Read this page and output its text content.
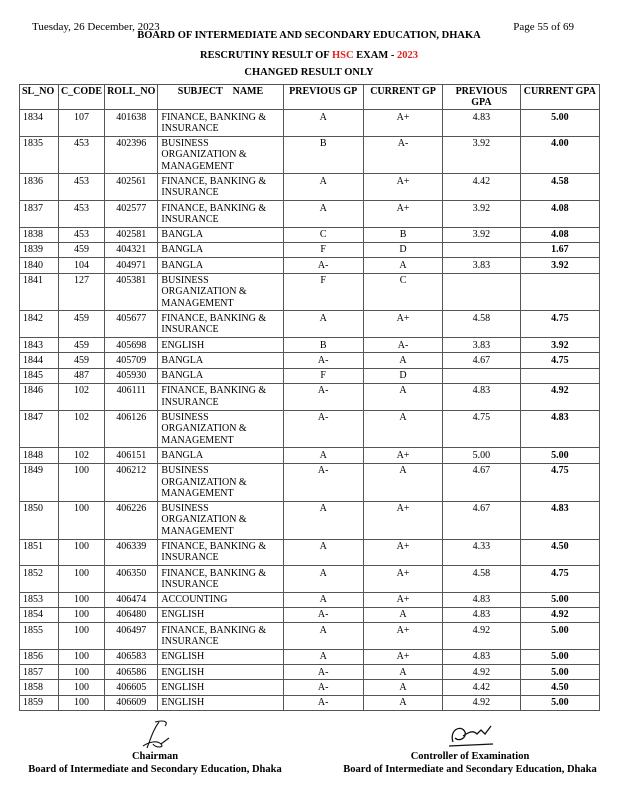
Tuesday, 26 December, 2023	Page 55 of 69
BOARD OF INTERMEDIATE AND SECONDARY EDUCATION, DHAKA
RESCRUTINY RESULT OF HSC EXAM - 2023
CHANGED RESULT ONLY
SL_NO	C_CODE	ROLL_NO	SUBJECT    NAME	PREVIOUS GP	CURRENT GP	PREVIOUS GPA	CURRENT GPA
1834	107	401638	FINANCE, BANKING & INSURANCE	A	A+	4.83	5.00
1835	453	402396	BUSINESS ORGANIZATION & MANAGEMENT	B	A-	3.92	4.00
1836	453	402561	FINANCE, BANKING & INSURANCE	A	A+	4.42	4.58
1837	453	402577	FINANCE, BANKING & INSURANCE	A	A+	3.92	4.08
1838	453	402581	BANGLA	C	B	3.92	4.08
1839	459	404321	BANGLA	F	D		1.67
1840	104	404971	BANGLA	A-	A	3.83	3.92
1841	127	405381	BUSINESS ORGANIZATION & MANAGEMENT	F	C		
1842	459	405677	FINANCE, BANKING & INSURANCE	A	A+	4.58	4.75
1843	459	405698	ENGLISH	B	A-	3.83	3.92
1844	459	405709	BANGLA	A-	A	4.67	4.75
1845	487	405930	BANGLA	F	D		
1846	102	406111	FINANCE, BANKING & INSURANCE	A-	A	4.83	4.92
1847	102	406126	BUSINESS ORGANIZATION & MANAGEMENT	A-	A	4.75	4.83
1848	102	406151	BANGLA	A	A+	5.00	5.00
1849	100	406212	BUSINESS ORGANIZATION & MANAGEMENT	A-	A	4.67	4.75
1850	100	406226	BUSINESS ORGANIZATION & MANAGEMENT	A	A+	4.67	4.83
1851	100	406339	FINANCE, BANKING & INSURANCE	A	A+	4.33	4.50
1852	100	406350	FINANCE, BANKING & INSURANCE	A	A+	4.58	4.75
1853	100	406474	ACCOUNTING	A	A+	4.83	5.00
1854	100	406480	ENGLISH	A-	A	4.83	4.92
1855	100	406497	FINANCE, BANKING & INSURANCE	A	A+	4.92	5.00
1856	100	406583	ENGLISH	A	A+	4.83	5.00
1857	100	406586	ENGLISH	A-	A	4.92	5.00
1858	100	406605	ENGLISH	A-	A	4.42	4.50
1859	100	406609	ENGLISH	A-	A	4.92	5.00
Chairman
Board of Intermediate and Secondary Education, Dhaka
Controller of Examination
Board of Intermediate and Secondary Education, Dhaka
